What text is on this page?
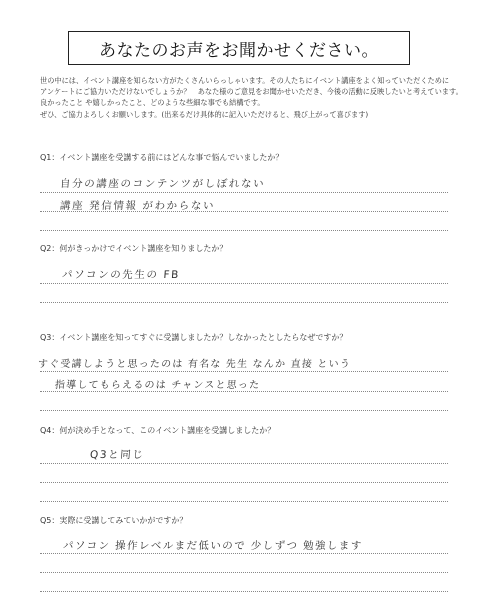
あなたのお声をお聞かせください。
世の中には、イベント講座を知らない方がたくさんいらっしゃいます。その人たちにイベント講座をよく知っていただくために
アンケートにご協力いただけないでしょうか？　あなた様のご意見をお聞かせいただき、今後の活動に反映したいと考えています。
良かったこと や嬉しかったこと、どのような些細な事でも結構です。
ぜひ、ご協力よろしくお願いします。(出来るだけ具体的に記入いただけると、飛び上がって喜びます)
Q1：イベント講座を受講する前にはどんな事で悩んでいましたか？
自分の講座のコンテンツがしぼれない
講座 発信情報 がわからない
Q2：何がきっかけでイベント講座を知りましたか？
パソコンの先生の FB
Q3：イベント講座を知ってすぐに受講しましたか？しなかったとしたらなぜですか？
すぐ受講しようと思ったのは 有名な 先生 なんか 直接 という
指導してもらえるのは チャンスと思った
Q4：何が決め手となって、このイベント講座を受講しましたか？
Q3と同じ
Q5：実際に受講してみていかがですか？
パソコン 操作レベルまだ低いので 少しずつ 勉強します
